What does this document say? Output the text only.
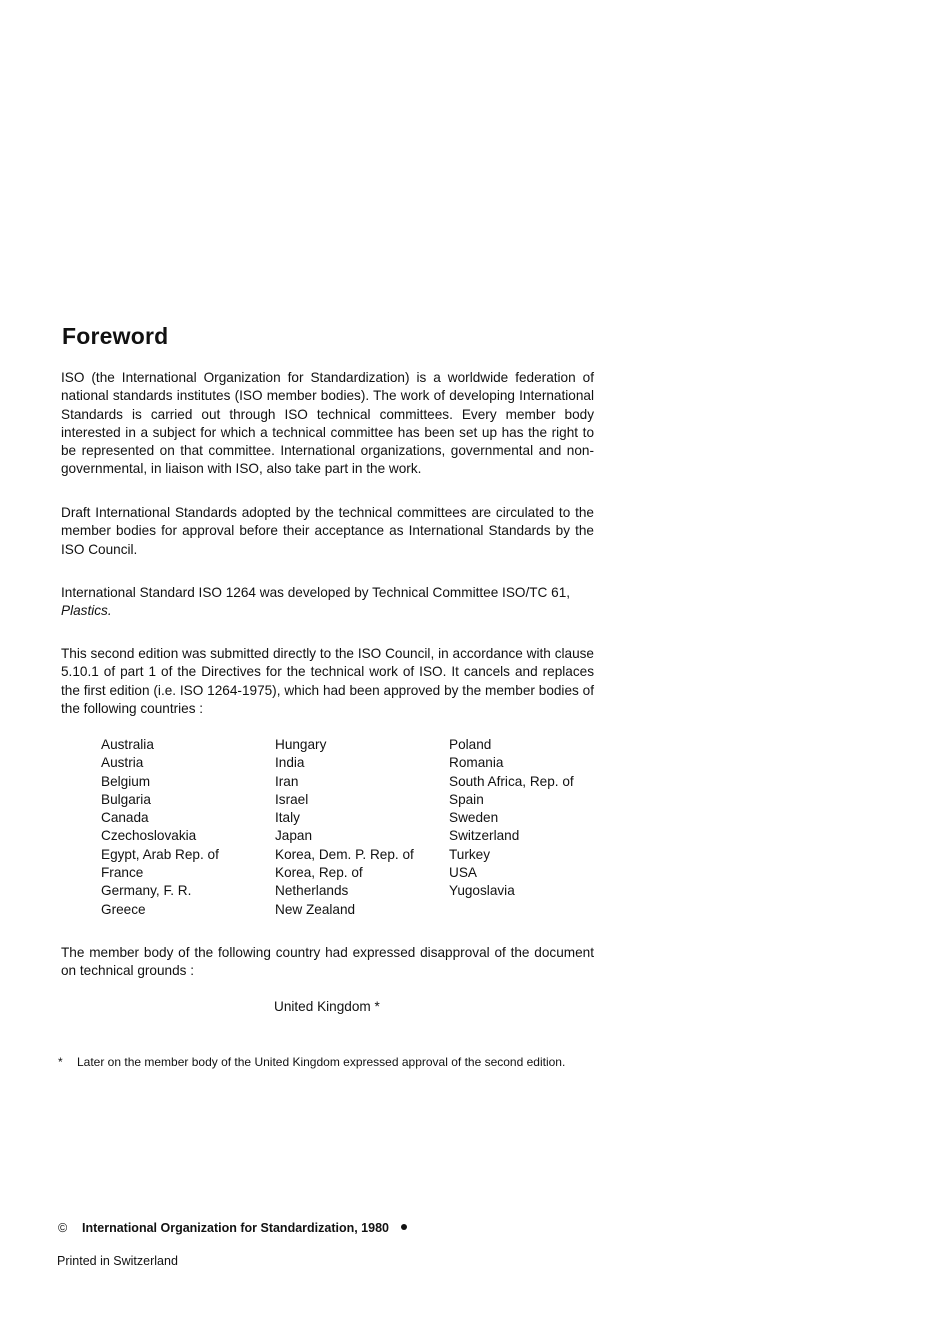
Foreword

ISO (the International Organization for Standardization) is a worldwide federation of national standards institutes (ISO member bodies). The work of developing International Standards is carried out through ISO technical committees. Every member body interested in a subject for which a technical committee has been set up has the right to be represented on that committee. International organizations, governmental and non-governmental, in liaison with ISO, also take part in the work.

Draft International Standards adopted by the technical committees are circulated to the member bodies for approval before their acceptance as International Standards by the ISO Council.

International Standard ISO 1264 was developed by Technical Committee ISO/TC 61,
Plastics.

This second edition was submitted directly to the ISO Council, in accordance with clause 5.10.1 of part 1 of the Directives for the technical work of ISO. It cancels and replaces the first edition (i.e. ISO 1264-1975), which had been approved by the member bodies of the following countries :

Australia
Austria
Belgium
Bulgaria
Canada
Czechoslovakia
Egypt, Arab Rep. of
France
Germany, F. R.
Greece
Hungary
India
Iran
Israel
Italy
Japan
Korea, Dem. P. Rep. of
Korea, Rep. of
Netherlands
New Zealand
Poland
Romania
South Africa, Rep. of
Spain
Sweden
Switzerland
Turkey
USA
Yugoslavia

The member body of the following country had expressed disapproval of the document on technical grounds :

United Kingdom *
* Later on the member body of the United Kingdom expressed approval of the second edition.
© International Organization for Standardization, 1980
Printed in Switzerland
